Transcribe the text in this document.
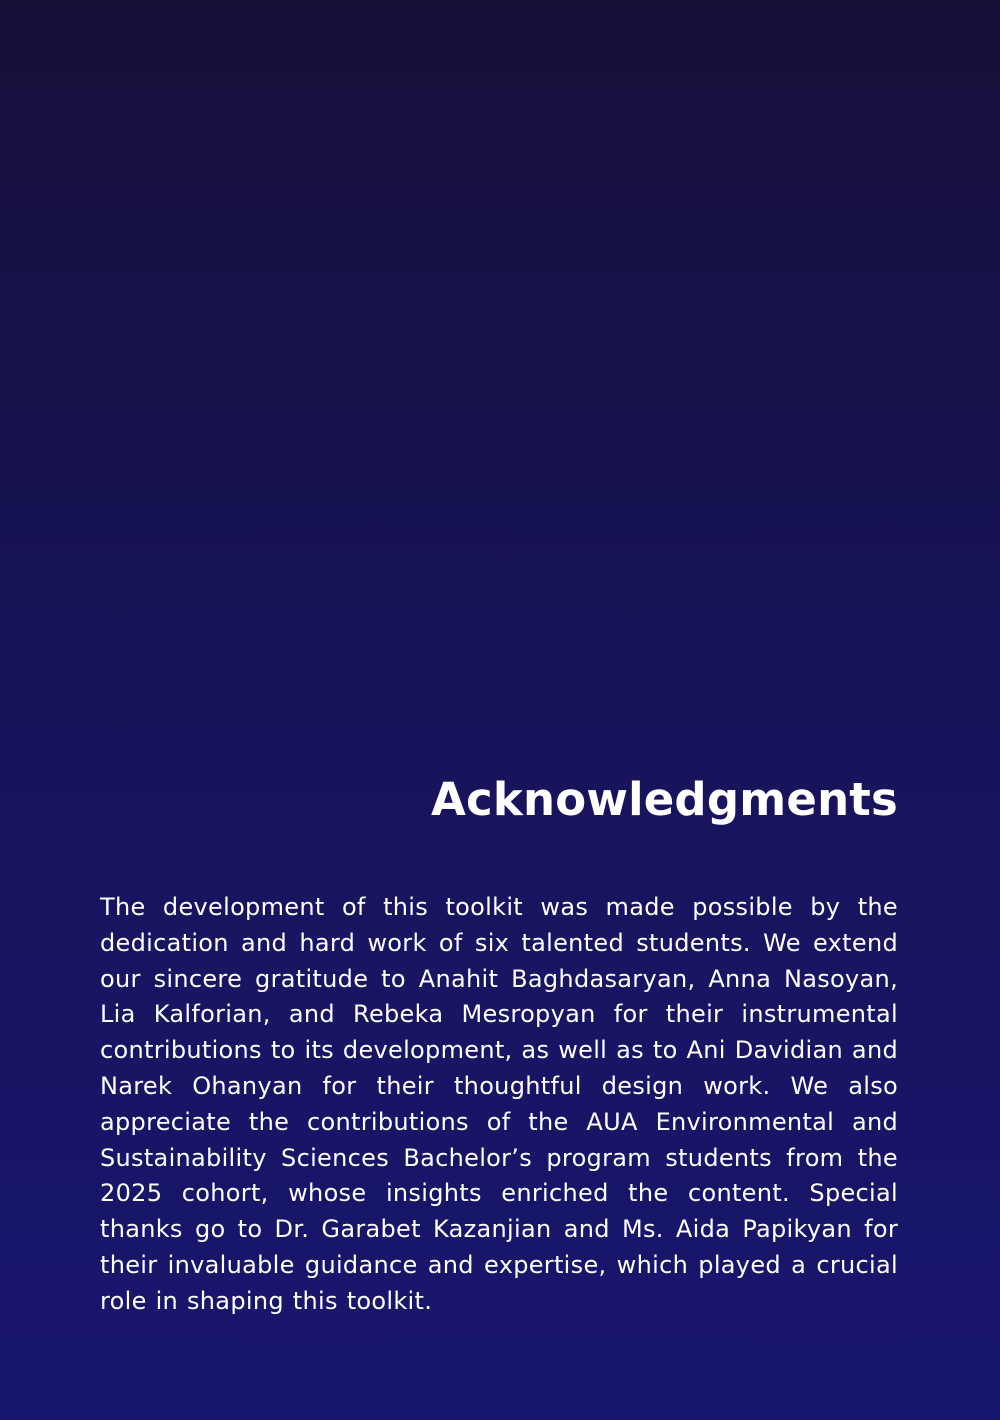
Acknowledgments

The development of this toolkit was made possible by the dedication and hard work of six talented students. We extend our sincere gratitude to Anahit Baghdasaryan, Anna Nasoyan, Lia Kalforian, and Rebeka Mesropyan for their instrumental contributions to its development, as well as to Ani Davidian and Narek Ohanyan for their thoughtful design work. We also appreciate the contributions of the AUA Environmental and Sustainability Sciences Bachelor’s program students from the 2025 cohort, whose insights enriched the content. Special thanks go to Dr. Garabet Kazanjian and Ms. Aida Papikyan for their invaluable guidance and expertise, which played a crucial role in shaping this toolkit.
